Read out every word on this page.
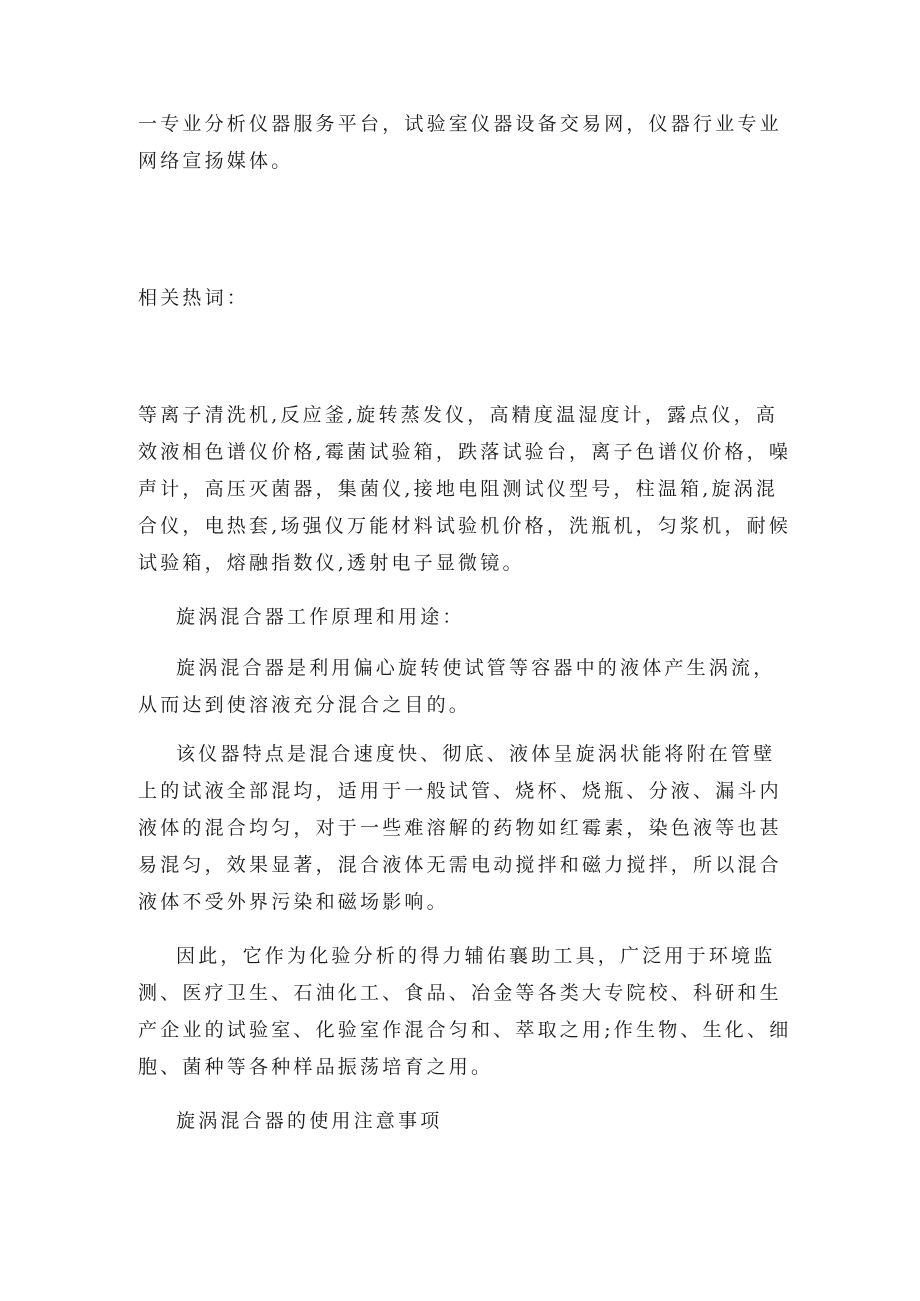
一专业分析仪器服务平台，试验室仪器设备交易网，仪器行业专业网络宣扬媒体。

相关热词：

等离子清洗机,反应釜,旋转蒸发仪，高精度温湿度计，露点仪，高效液相色谱仪价格,霉菌试验箱，跌落试验台，离子色谱仪价格，噪声计，高压灭菌器，集菌仪,接地电阻测试仪型号，柱温箱,旋涡混合仪，电热套,场强仪万能材料试验机价格，洗瓶机，匀浆机，耐候试验箱，熔融指数仪,透射电子显微镜。

旋涡混合器工作原理和用途：

旋涡混合器是利用偏心旋转使试管等容器中的液体产生涡流，从而达到使溶液充分混合之目的。

该仪器特点是混合速度快、彻底、液体呈旋涡状能将附在管壁上的试液全部混均，适用于一般试管、烧杯、烧瓶、分液、漏斗内液体的混合均匀，对于一些难溶解的药物如红霉素，染色液等也甚易混匀，效果显著，混合液体无需电动搅拌和磁力搅拌，所以混合液体不受外界污染和磁场影响。

因此，它作为化验分析的得力辅佑襄助工具，广泛用于环境监测、医疗卫生、石油化工、食品、冶金等各类大专院校、科研和生产企业的试验室、化验室作混合匀和、萃取之用;作生物、生化、细胞、菌种等各种样品振荡培育之用。

旋涡混合器的使用注意事项
